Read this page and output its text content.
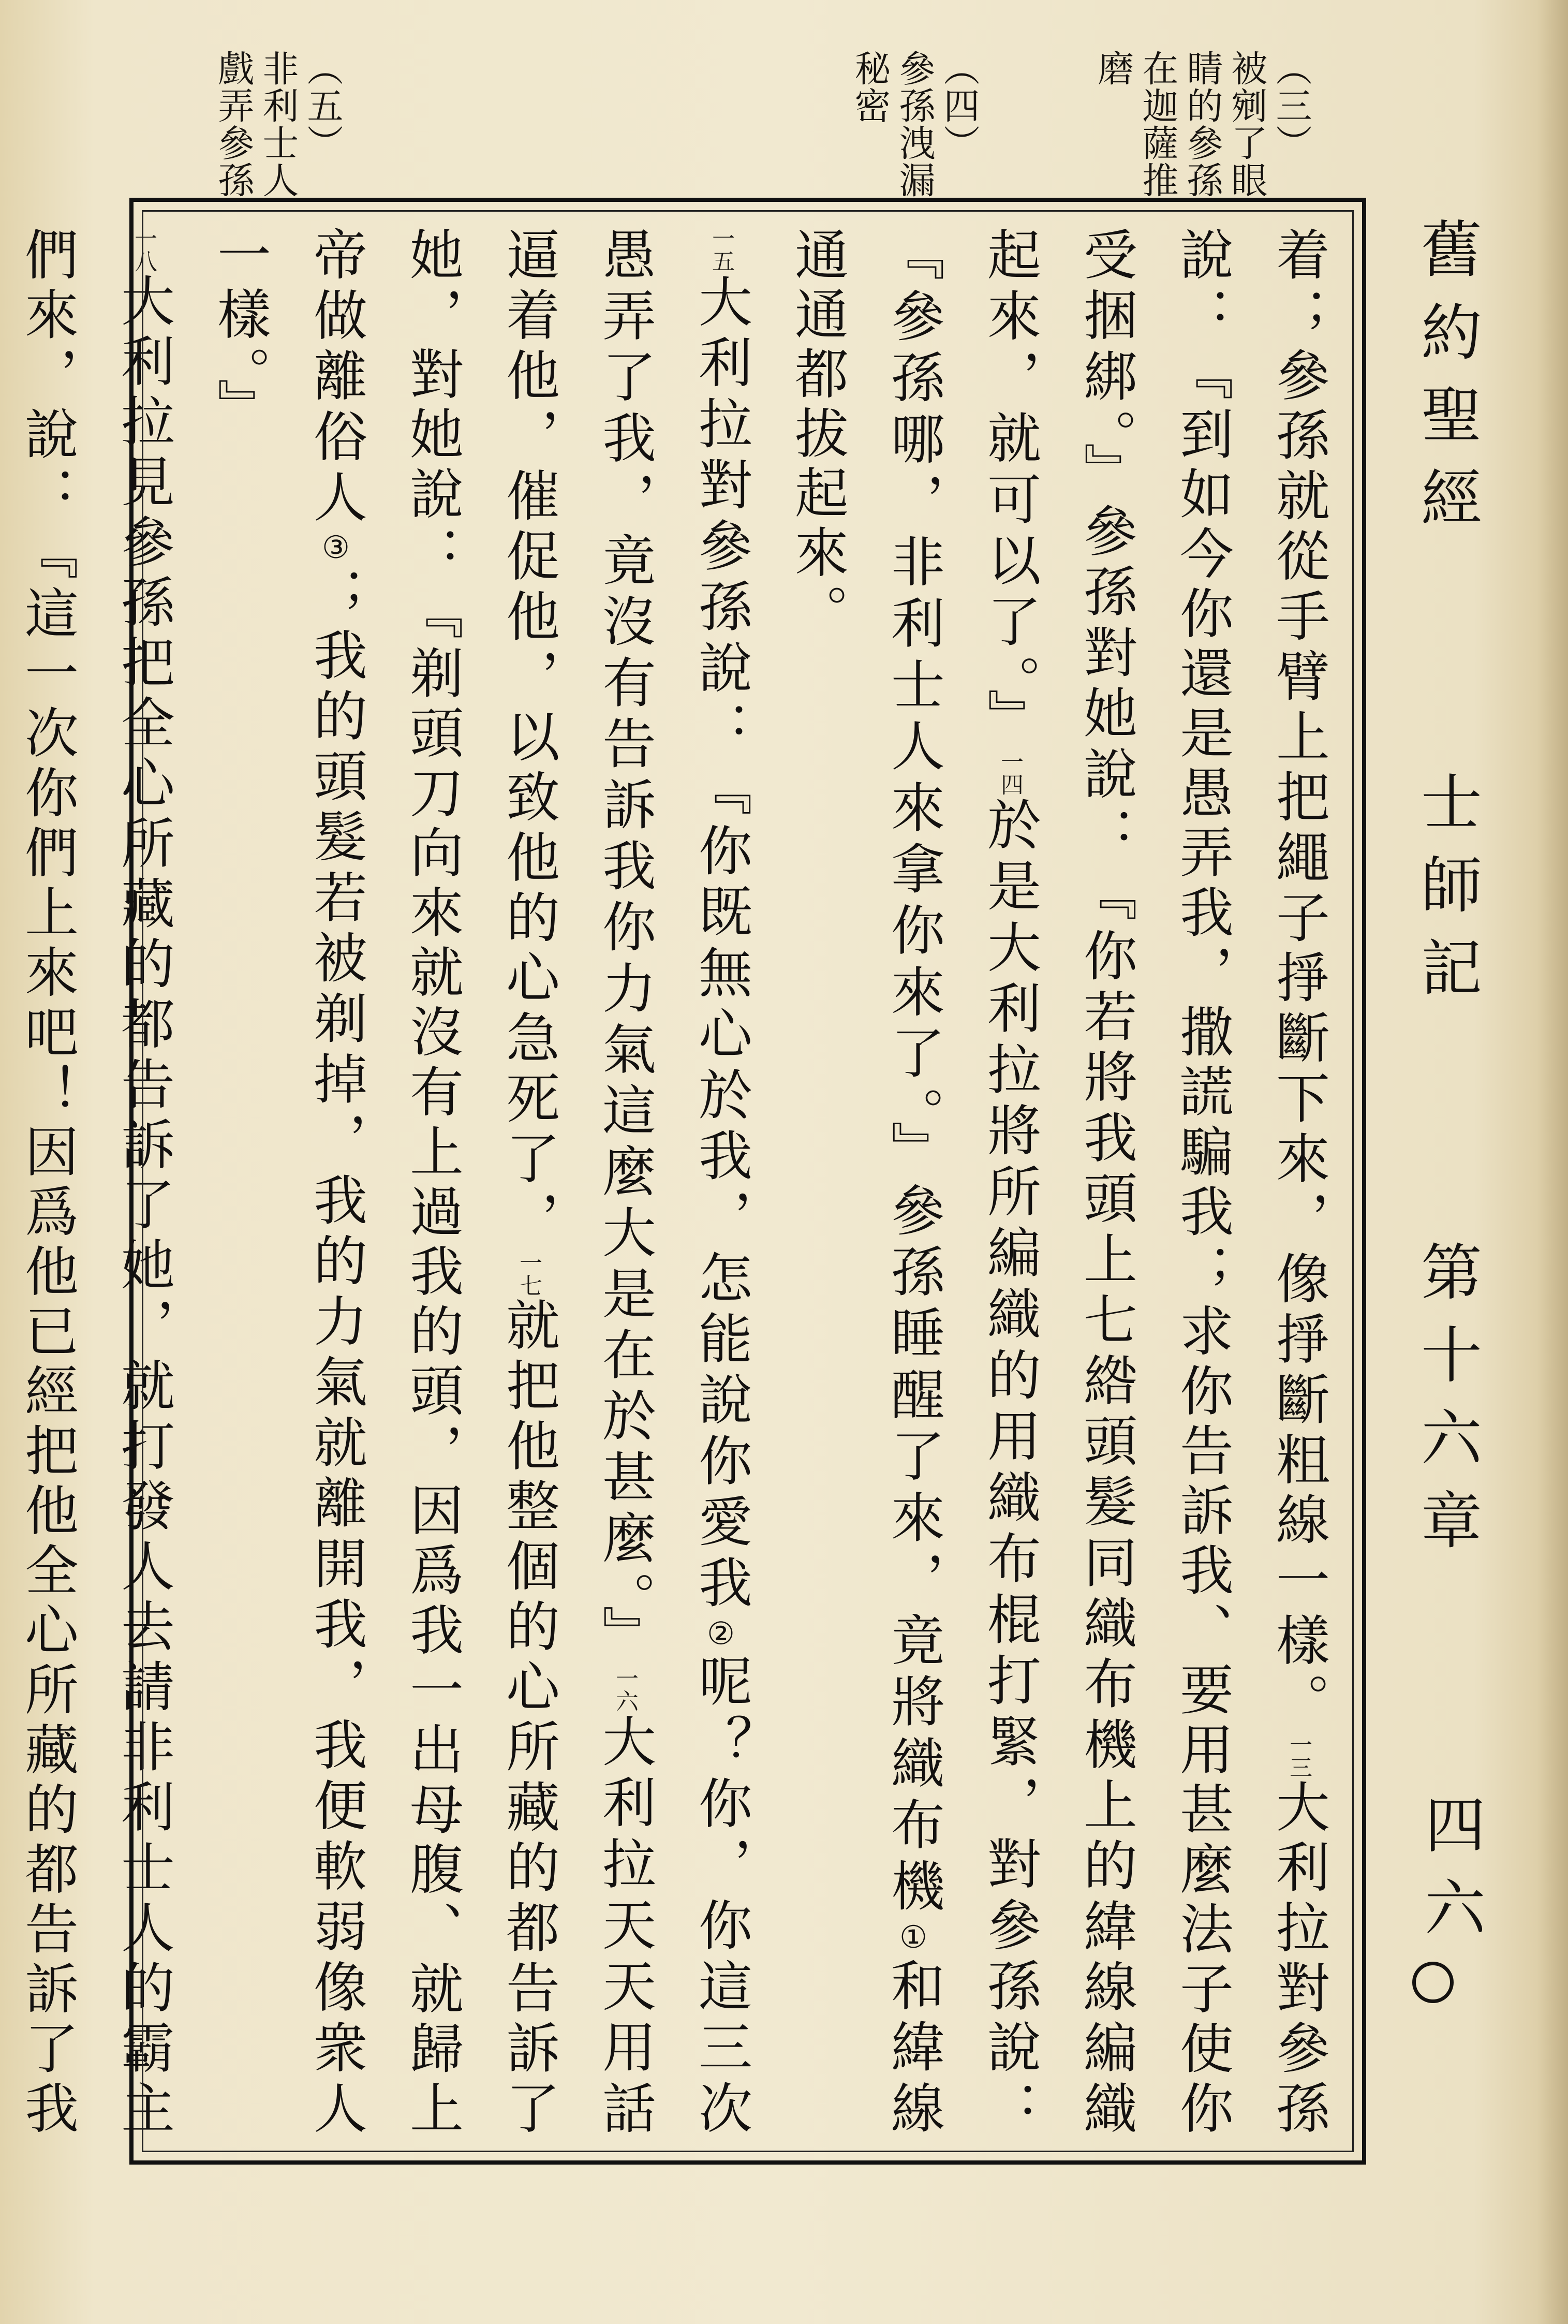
舊約聖經
士師記
第十六章
四六
（三）
被剜了眼睛的參孫在迦薩推磨
（四）
參孫洩漏秘密
（五）
非利士人戲弄參孫

着；參孫就從手臂上把繩子掙斷下來，像掙斷粗線一樣。一三大利拉對參孫說：『到如今你還是愚弄我，撒謊騙我；求你告訴我、要用甚麼法子使你受捆綁。』參孫對她說：『你若將我頭上七綹頭髮同織布機上的緯線編織起來，就可以了。』一四於是大利拉將所編織的用織布棍打緊，對參孫說：『參孫哪，非利士人來拿你來了。』參孫睡醒了來，竟將織布機①和緯線通通都拔起來。

一五大利拉對參孫說：『你既無心於我，怎能說你愛我②呢？你，你這三次愚弄了我，竟沒有告訴我你力氣這麼大是在於甚麼。』一六大利拉天天用話逼着他，催促他，以致他的心急死了，一七就把他整個的心所藏的都告訴了她，對她說：『剃頭刀向來就沒有上過我的頭，因爲我一出母腹、就歸上帝做離俗人③；我的頭髮若被剃掉，我的力氣就離開我，我便軟弱像衆人一樣。』

一八大利拉見參孫把全心所藏的都告訴了她，就打發人去請非利士人的霸主們來，說：『這一次你們上來吧！因爲他已經把他全心所藏的都告訴了我
